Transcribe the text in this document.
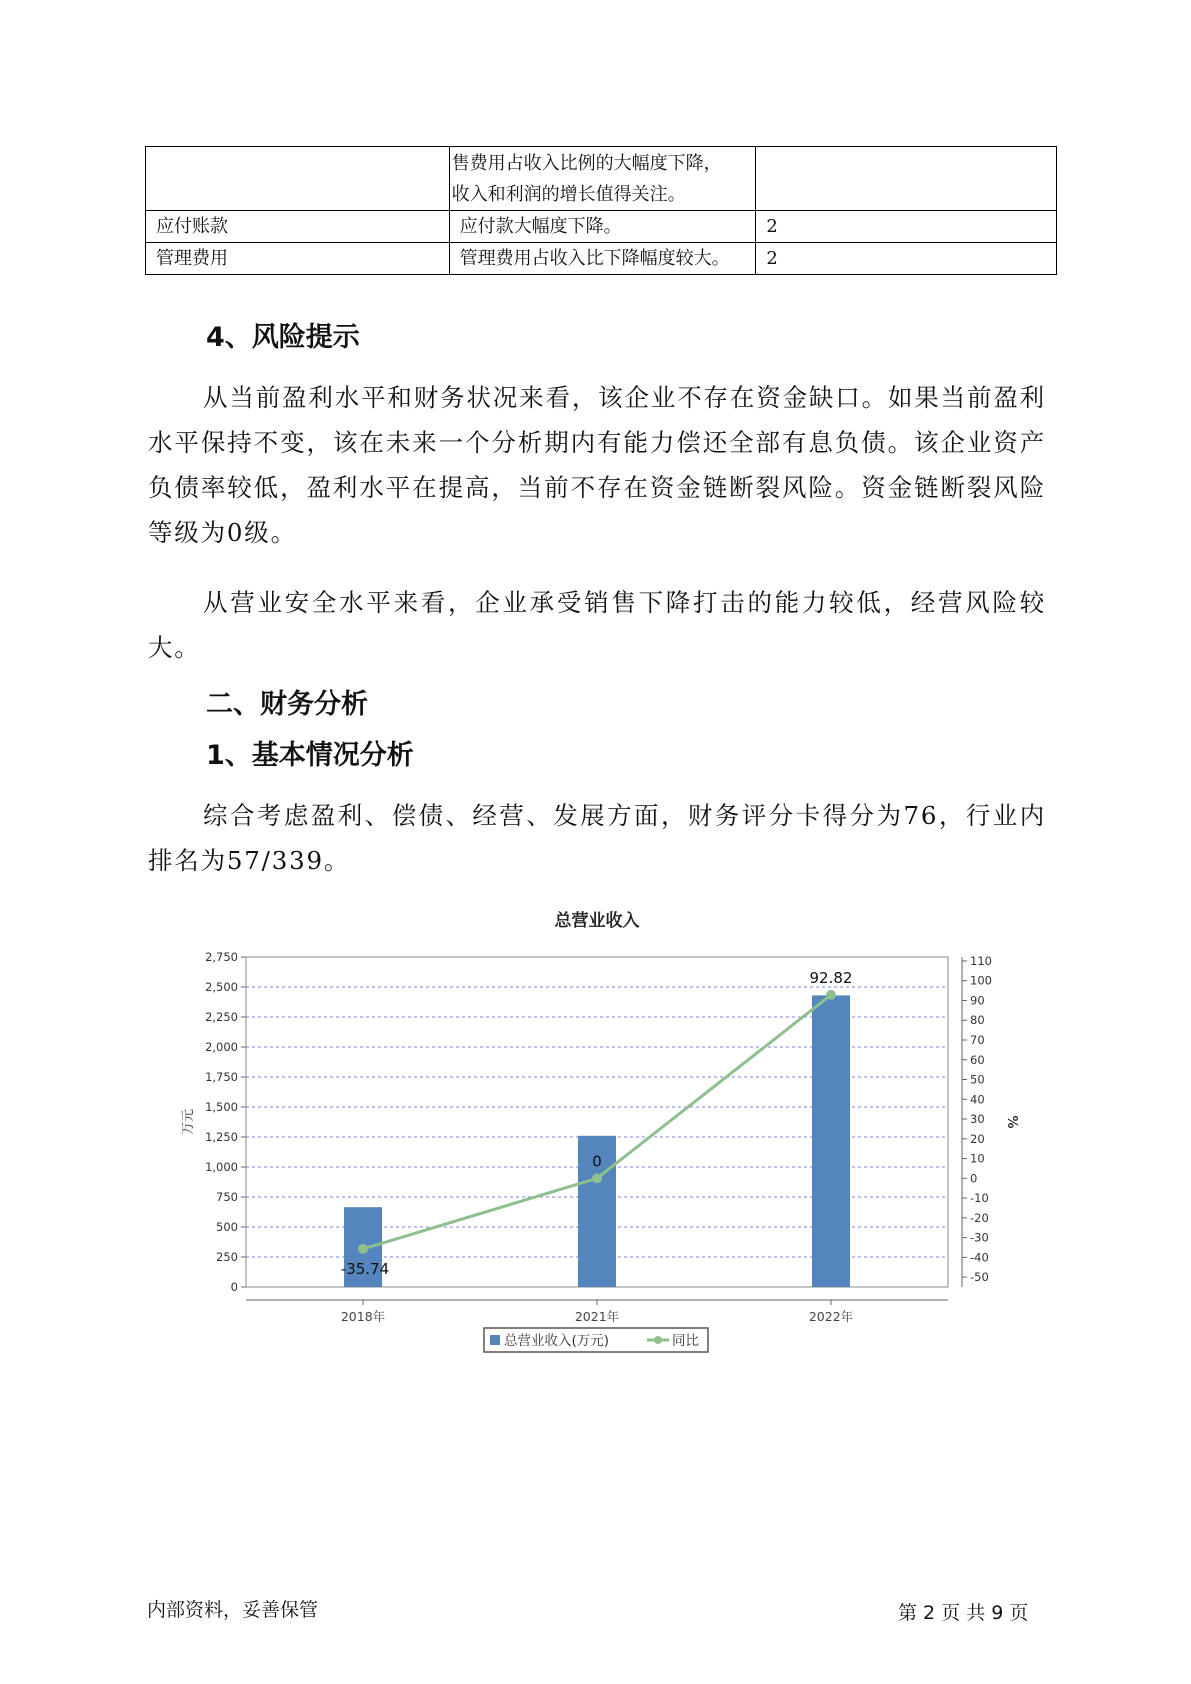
	售费用占收入比例的大幅度下降，
收入和利润的增长值得关注。	

应付账款	应付款大幅度下降。	2
管理费用	管理费用占收入比下降幅度较大。	2
4、风险提示

从当前盈利水平和财务状况来看，该企业不存在资金缺口。如果当前盈利水平保持不变，该在未来一个分析期内有能力偿还全部有息负债。该企业资产负债率较低，盈利水平在提高，当前不存在资金链断裂风险。资金链断裂风险等级为0级。

从营业安全水平来看，企业承受销售下降打击的能力较低，经营风险较大。

二、财务分析
1、基本情况分析

综合考虑盈利、偿债、经营、发展方面，财务评分卡得分为76，行业内排名为57/339。

总营业收入
0
250
500
750
1,000
1,250
1,500
1,750
2,000
2,250
2,500
2,750
-50
-40
-30
-20
-10
0
10
20
30
40
50
60
70
80
90
100
110
万元	%
2018年	2021年	2022年
-35.74
0
92.82
总营业收入(万元)	同比
内部资料，妥善保管	第 2 页 共 9 页
